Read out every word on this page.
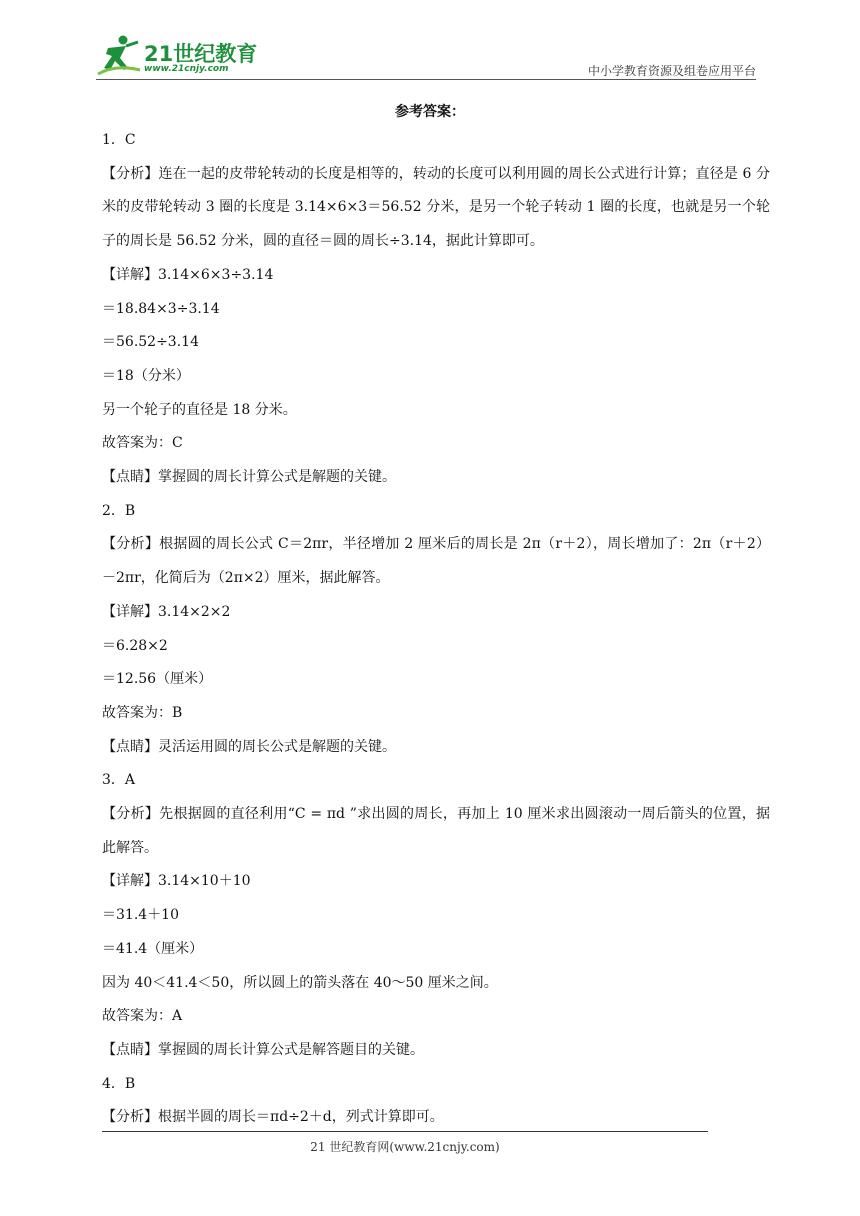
21世纪教育
www.21cnjy.com	中小学教育资源及组卷应用平台
参考答案：
1．C
【分析】连在一起的皮带轮转动的长度是相等的，转动的长度可以利用圆的周长公式进行计算；直径是 6 分米的皮带轮转动 3 圈的长度是 3.14×6×3＝56.52 分米，是另一个轮子转动 1 圈的长度，也就是另一个轮子的周长是 56.52 分米，圆的直径＝圆的周长÷3.14，据此计算即可。
【详解】3.14×6×3÷3.14
＝18.84×3÷3.14
＝56.52÷3.14
＝18（分米）
另一个轮子的直径是 18 分米。
故答案为：C
【点睛】掌握圆的周长计算公式是解题的关键。
2．B
【分析】根据圆的周长公式 C＝2πr，半径增加 2 厘米后的周长是 2π（r＋2），周长增加了：2π（r＋2）－2πr，化简后为（2π×2）厘米，据此解答。
【详解】3.14×2×2
＝6.28×2
＝12.56（厘米）
故答案为：B
【点睛】灵活运用圆的周长公式是解题的关键。
3．A
【分析】先根据圆的直径利用“C = πd ”求出圆的周长，再加上 10 厘米求出圆滚动一周后箭头的位置，据此解答。
【详解】3.14×10＋10
＝31.4＋10
＝41.4（厘米）
因为 40＜41.4＜50，所以圆上的箭头落在 40～50 厘米之间。
故答案为：A
【点睛】掌握圆的周长计算公式是解答题目的关键。
4．B
【分析】根据半圆的周长＝πd÷2＋d，列式计算即可。
21 世纪教育网(www.21cnjy.com)
